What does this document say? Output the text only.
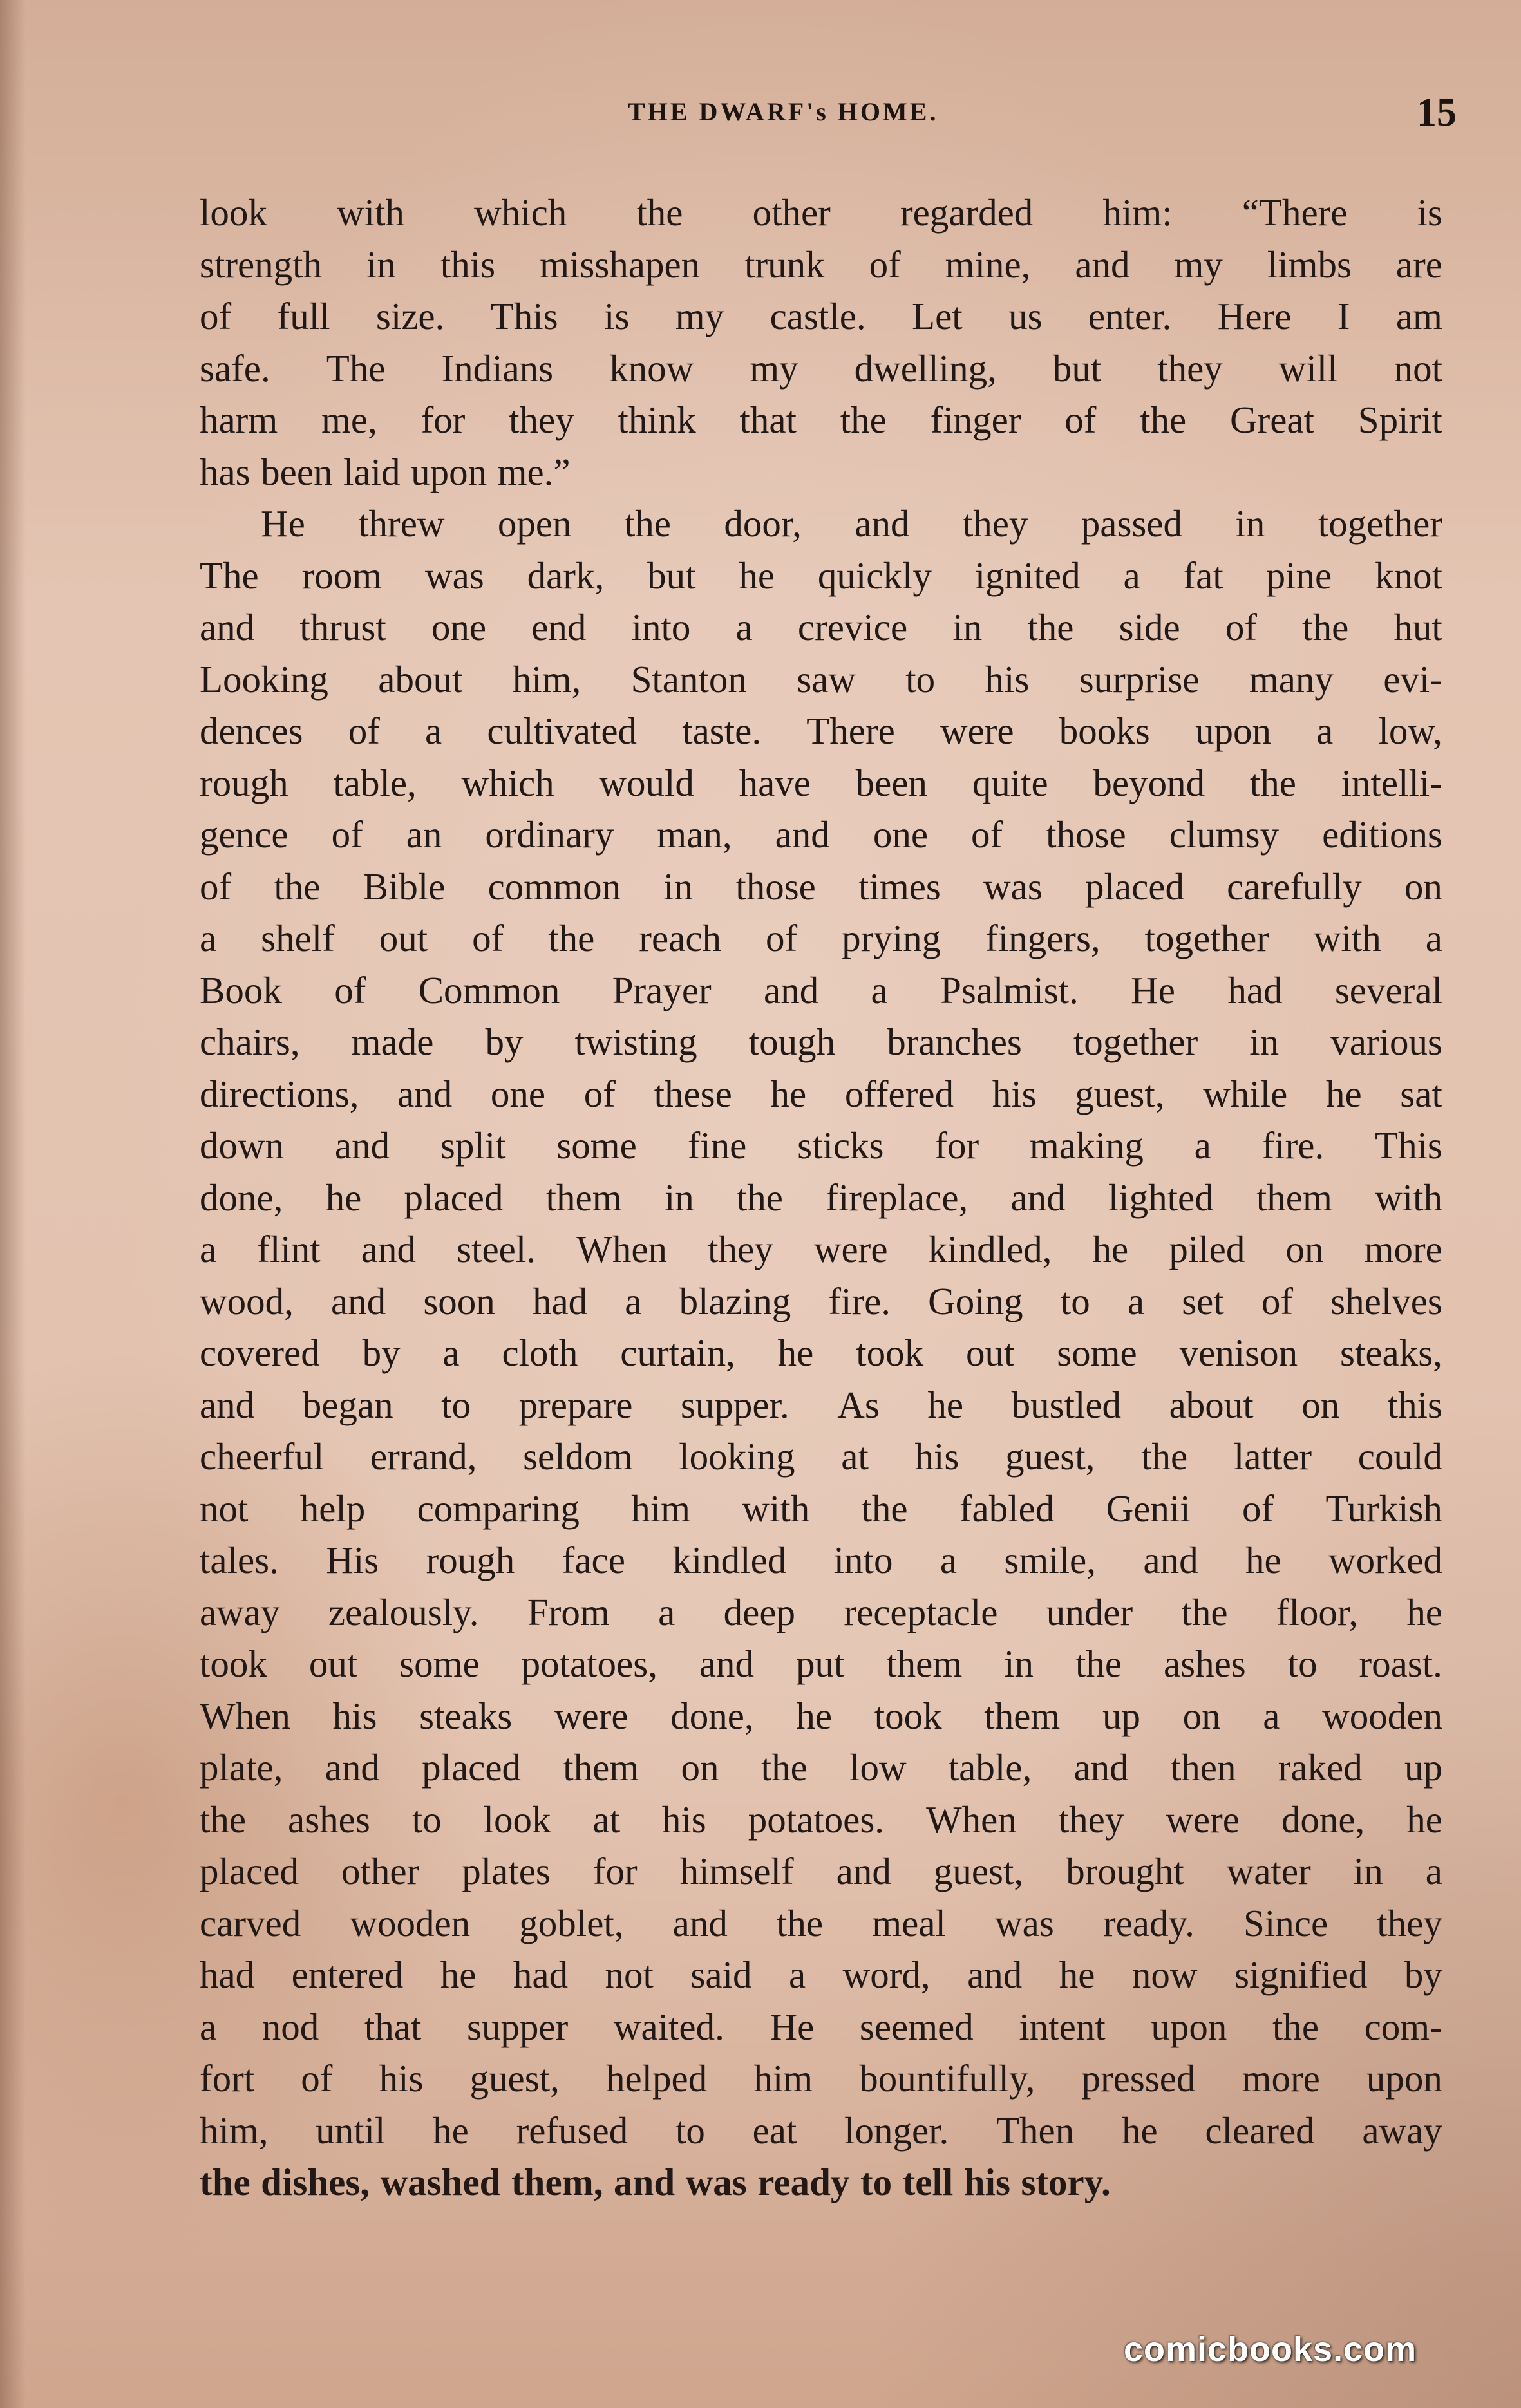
THE DWARF's HOME.	15
look with which the other regarded him: “There is
strength in this misshapen trunk of mine, and my limbs are
of full size. This is my castle. Let us enter. Here I am
safe. The Indians know my dwelling, but they will not
harm me, for they think that the finger of the Great Spirit
has been laid upon me.”
He threw open the door, and they passed in together
The room was dark, but he quickly ignited a fat pine knot
and thrust one end into a crevice in the side of the hut
Looking about him, Stanton saw to his surprise many evi-
dences of a cultivated taste. There were books upon a low,
rough table, which would have been quite beyond the intelli-
gence of an ordinary man, and one of those clumsy editions
of the Bible common in those times was placed carefully on
a shelf out of the reach of prying fingers, together with a
Book of Common Prayer and a Psalmist. He had several
chairs, made by twisting tough branches together in various
directions, and one of these he offered his guest, while he sat
down and split some fine sticks for making a fire. This
done, he placed them in the fireplace, and lighted them with
a flint and steel. When they were kindled, he piled on more
wood, and soon had a blazing fire. Going to a set of shelves
covered by a cloth curtain, he took out some venison steaks,
and began to prepare supper. As he bustled about on this
cheerful errand, seldom looking at his guest, the latter could
not help comparing him with the fabled Genii of Turkish
tales. His rough face kindled into a smile, and he worked
away zealously. From a deep receptacle under the floor, he
took out some potatoes, and put them in the ashes to roast.
When his steaks were done, he took them up on a wooden
plate, and placed them on the low table, and then raked up
the ashes to look at his potatoes. When they were done, he
placed other plates for himself and guest, brought water in a
carved wooden goblet, and the meal was ready. Since they
had entered he had not said a word, and he now signified by
a nod that supper waited. He seemed intent upon the com-
fort of his guest, helped him bountifully, pressed more upon
him, until he refused to eat longer. Then he cleared away
the dishes, washed them, and was ready to tell his story.
comicbooks.com
